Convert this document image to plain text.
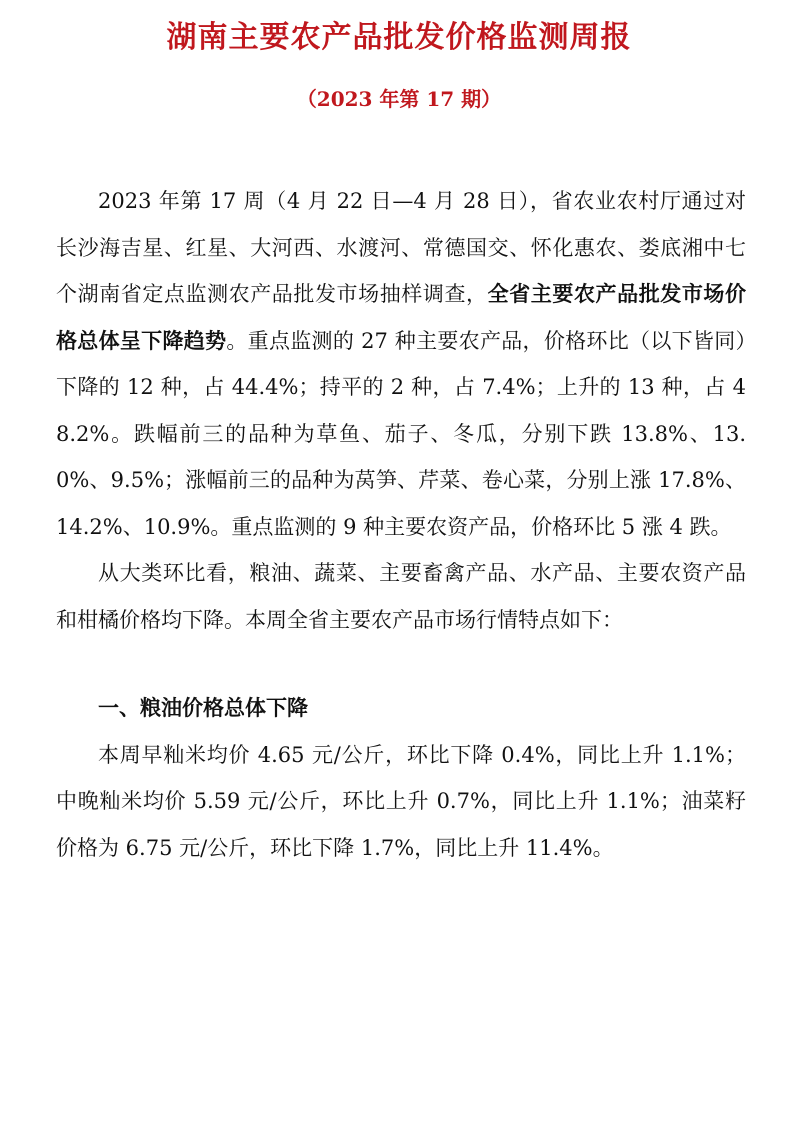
湖南主要农产品批发价格监测周报
（2023 年第 17 期）

2023 年第 17 周（4 月 22 日—4 月 28 日），省农业农村厅通过对长沙海吉星、红星、大河西、水渡河、常德国交、怀化惠农、娄底湘中七个湖南省定点监测农产品批发市场抽样调查，全省主要农产品批发市场价格总体呈下降趋势。重点监测的 27 种主要农产品，价格环比（以下皆同）下降的 12 种，占 44.4%；持平的 2 种，占 7.4%；上升的 13 种，占 48.2%。跌幅前三的品种为草鱼、茄子、冬瓜，分别下跌 13.8%、13.0%、9.5%；涨幅前三的品种为莴笋、芹菜、卷心菜，分别上涨 17.8%、14.2%、10.9%。重点监测的 9 种主要农资产品，价格环比 5 涨 4 跌。

从大类环比看，粮油、蔬菜、主要畜禽产品、水产品、主要农资产品和柑橘价格均下降。本周全省主要农产品市场行情特点如下：

一、粮油价格总体下降

本周早籼米均价 4.65 元/公斤，环比下降 0.4%，同比上升 1.1%；中晚籼米均价 5.59 元/公斤，环比上升 0.7%，同比上升 1.1%；油菜籽价格为 6.75 元/公斤，环比下降 1.7%，同比上升 11.4%。
